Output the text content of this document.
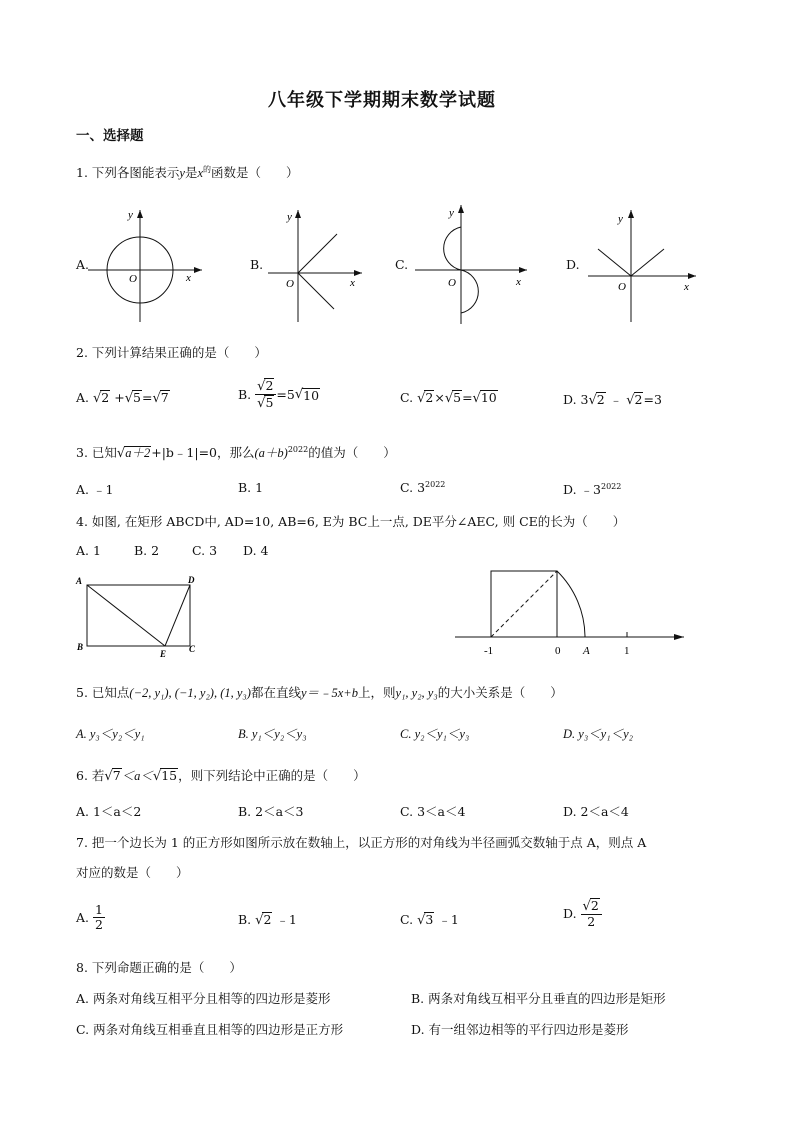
八年级下学期期末数学试题
一、选择题
1. 下列各图能表示y是$x^的$函数是（　　）
A.	B.	C.	D.
y
x
O
y
x
O
y
x
O
y
x
O
2. 下列计算结果正确的是（　　）
A. √2 +√5=√7	B. $\frac{√2}{√5} =5√10$	C. √2×√5=√10	D. 3√2 ﹣ √2=3
3. 已知√a＋2+|b﹣1|=0，那么$(a+b)^{2022}$的值为（　　）
A. ﹣1	B. 1	C. $3^{2022}$	D. $﹣3^{2022}$
4. 如图, 在矩形 ABCD中, AD=10, AB=6, E为 BC上一点, DE平分∠AEC, 则 CE的长为（　　）
A. 1	B. 2	C. 3 D. 4
A	D
B
E	C	-1	0 A	1
5. 已知点(−2, y₁), (−1, y₂), (1, y₃)都在直线y＝﹣5x+b上，则y₁, y₂, y₃的大小关系是（　　）
A. y₃＜y₂＜y₁	B. y₁＜y₂＜y₃	C. y₂＜y₁＜y₃	D. y₃＜y₁＜y₂
6. 若√7＜a＜√15，则下列结论中正确的是（　　）
A. 1＜a＜2	B. 2＜a＜3	C. 3＜a＜4	D. 2＜a＜4
7. 把一个边长为 1 的正方形如图所示放在数轴上，以正方形的对角线为半径画弧交数轴于点 A，则点 A
对应的数是（　　）
A. $\frac{1}{2}$	B. √2 ﹣1	C. √3 ﹣1	D. $\frac{√2}{2}$
8. 下列命题正确的是（　　）
A. 两条对角线互相平分且相等的四边形是菱形	B. 两条对角线互相平分且垂直的四边形是矩形
C. 两条对角线互相垂直且相等的四边形是正方形	D. 有一组邻边相等的平行四边形是菱形
